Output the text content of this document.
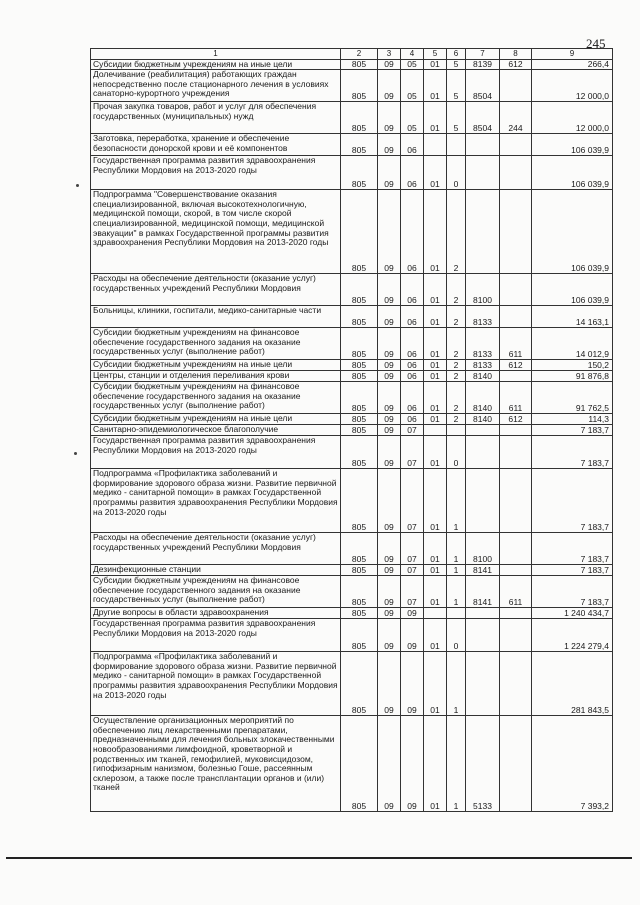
245
1	2	3	4	5	6	7	8	9
Субсидии бюджетным учреждениям на иные цели	805	09	05	01	5	8139	612	266,4
Долечивание (реабилитация) работающих граждан непосредственно после стационарного лечения в условиях санаторно-курортного учреждения	805	09	05	01	5	8504		12 000,0
Прочая закупка товаров, работ и услуг для обеспечения государственных (муниципальных) нужд	805	09	05	01	5	8504	244	12 000,0
Заготовка, переработка, хранение и обеспечение безопасности донорской крови и её компонентов	805	09	06					106 039,9
Государственная программа развития здравоохранения Республики Мордовия на 2013-2020 годы	805	09	06	01	0			106 039,9
Подпрограмма "Совершенствование оказания специализированной, включая высокотехнологичную, медицинской помощи, скорой, в том числе скорой специализированной, медицинской помощи, медицинской эвакуации" в рамках Государственной программы развития здравоохранения Республики Мордовия на 2013-2020 годы	805	09	06	01	2			106 039,9
Расходы на обеспечение деятельности (оказание услуг) государственных учреждений Республики Мордовия	805	09	06	01	2	8100		106 039,9
Больницы, клиники, госпитали, медико-санитарные части	805	09	06	01	2	8133		14 163,1
Субсидии бюджетным учреждениям на финансовое обеспечение государственного задания на оказание государственных услуг (выполнение работ)	805	09	06	01	2	8133	611	14 012,9
Субсидии бюджетным учреждениям на иные цели	805	09	06	01	2	8133	612	150,2
Центры, станции и отделения переливания крови	805	09	06	01	2	8140		91 876,8
Субсидии бюджетным учреждениям на финансовое обеспечение государственного задания на оказание государственных услуг (выполнение работ)	805	09	06	01	2	8140	611	91 762,5
Субсидии бюджетным учреждениям на иные цели	805	09	06	01	2	8140	612	114,3
Санитарно-эпидемиологическое благополучие	805	09	07					7 183,7
Государственная программа развития здравоохранения Республики Мордовия на 2013-2020 годы	805	09	07	01	0			7 183,7
Подпрограмма «Профилактика заболеваний и формирование здорового образа жизни. Развитие первичной медико - санитарной помощи» в рамках Государственной программы развития здравоохранения Республики Мордовия на 2013-2020 годы	805	09	07	01	1			7 183,7
Расходы на обеспечение деятельности (оказание услуг) государственных учреждений Республики Мордовия	805	09	07	01	1	8100		7 183,7
Дезинфекционные станции	805	09	07	01	1	8141		7 183,7
Субсидии бюджетным учреждениям на финансовое обеспечение государственного задания на оказание государственных услуг (выполнение работ)	805	09	07	01	1	8141	611	7 183,7
Другие вопросы в области здравоохранения	805	09	09					1 240 434,7
Государственная программа развития здравоохранения Республики Мордовия на 2013-2020 годы	805	09	09	01	0			1 224 279,4
Подпрограмма «Профилактика заболеваний и формирование здорового образа жизни. Развитие первичной медико - санитарной помощи» в рамках Государственной программы развития здравоохранения Республики Мордовия на 2013-2020 годы	805	09	09	01	1			281 843,5
Осуществление организационных мероприятий по обеспечению лиц лекарственными препаратами, предназначенными для лечения больных злокачественными новообразованиями лимфоидной, кроветворной и родственных им тканей, гемофилией, муковисцидозом, гипофизарным нанизмом, болезнью Гоше, рассеянным склерозом, а также после трансплантации органов и (или) тканей	805	09	09	01	1	5133		7 393,2
